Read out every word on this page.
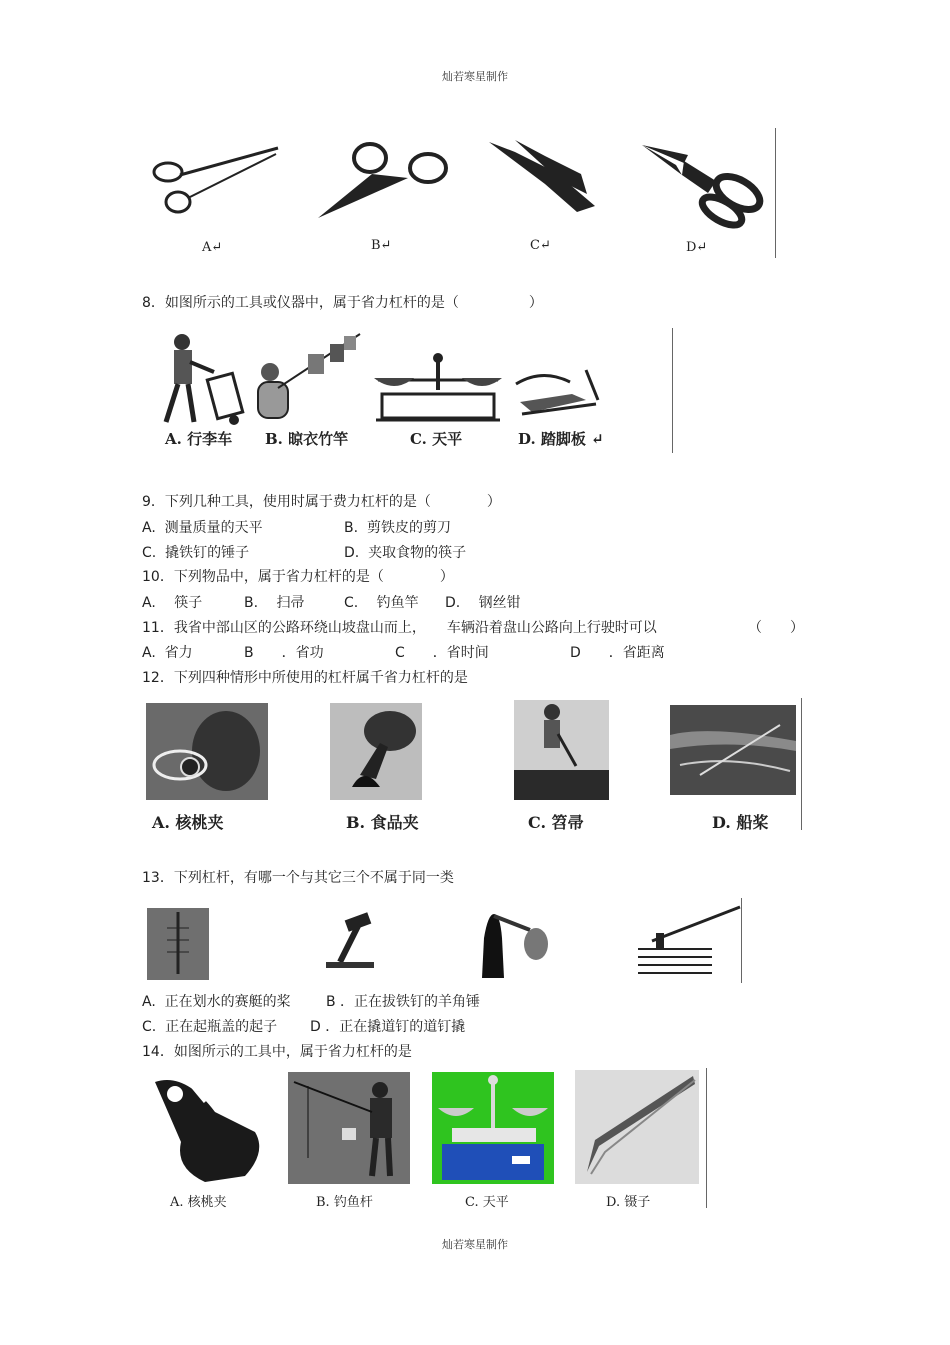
灿若寒星制作
A↵	B↵	C↵	D↵
8．如图所示的工具或仪器中，属于省力杠杆的是（　　　　　）
A. 行李车 B. 晾衣竹竿	C. 天平	D. 踏脚板 ↵
9．下列几种工具，使用时属于费力杠杆的是（　　　　）
A.  测量质量的天平	B.  剪铁皮的剪刀
C.  撬铁钉的锤子	D.  夹取食物的筷子
10．下列物品中，属于省力杠杆的是（　　　　）
A.　 筷子	B.　 扫帚	C.　 钓鱼竿 D.　 钢丝钳
11．我省中部山区的公路环绕山坡盘山而上，　　车辆沿着盘山公路向上行驶时可以	（　　）
A.  省力	B　　．省功	C　　．省时间	D　　．省距离
12．下列四种情形中所使用的杠杆属千省力杠杆的是
A. 核桃夹	B. 食品夹	C. 笤帚	D. 船桨
13．下列杠杆，有哪一个与其它三个不属于同一类
A.  正在划水的赛艇的桨	B ．正在拔铁钉的羊角锤
C.  正在起瓶盖的起子 D ．正在撬道钉的道钉撬
14．如图所示的工具中，属于省力杠杆的是
A. 核桃夹	B. 钓鱼杆	C. 天平	D. 镊子
灿若寒星制作
